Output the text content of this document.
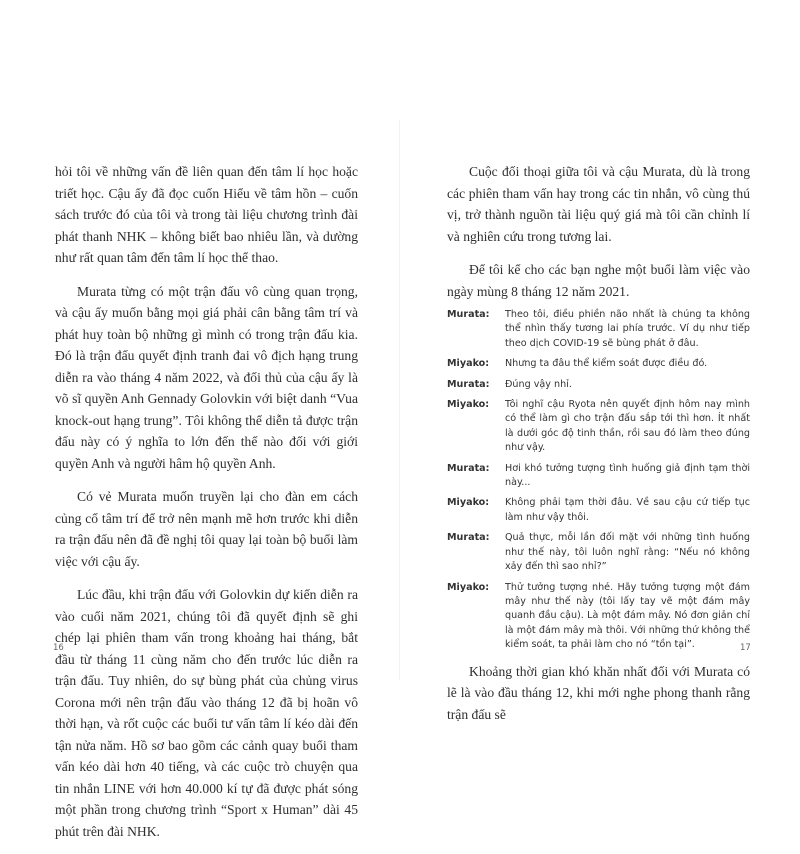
hỏi tôi về những vấn đề liên quan đến tâm lí học hoặc triết học. Cậu ấy đã đọc cuốn Hiểu về tâm hồn – cuốn sách trước đó của tôi và trong tài liệu chương trình đài phát thanh NHK – không biết bao nhiêu lần, và dường như rất quan tâm đến tâm lí học thể thao.

Murata từng có một trận đấu vô cùng quan trọng, và cậu ấy muốn bằng mọi giá phải cân bằng tâm trí và phát huy toàn bộ những gì mình có trong trận đấu kia. Đó là trận đấu quyết định tranh đai vô địch hạng trung diễn ra vào tháng 4 năm 2022, và đối thủ của cậu ấy là võ sĩ quyền Anh Gennady Golovkin với biệt danh “Vua knock-out hạng trung”. Tôi không thể diễn tả được trận đấu này có ý nghĩa to lớn đến thế nào đối với giới quyền Anh và người hâm hộ quyền Anh.

Có vẻ Murata muốn truyền lại cho đàn em cách củng cố tâm trí để trở nên mạnh mẽ hơn trước khi diễn ra trận đấu nên đã đề nghị tôi quay lại toàn bộ buổi làm việc với cậu ấy.

Lúc đầu, khi trận đấu với Golovkin dự kiến diễn ra vào cuối năm 2021, chúng tôi đã quyết định sẽ ghi chép lại phiên tham vấn trong khoảng hai tháng, bắt đầu từ tháng 11 cùng năm cho đến trước lúc diễn ra trận đấu. Tuy nhiên, do sự bùng phát của chủng virus Corona mới nên trận đấu vào tháng 12 đã bị hoãn vô thời hạn, và rốt cuộc các buổi tư vấn tâm lí kéo dài đến tận nửa năm. Hồ sơ bao gồm các cảnh quay buổi tham vấn kéo dài hơn 40 tiếng, và các cuộc trò chuyện qua tin nhắn LINE với hơn 40.000 kí tự đã được phát sóng một phần trong chương trình “Sport x Human” dài 45 phút trên đài NHK.

16

Cuộc đối thoại giữa tôi và cậu Murata, dù là trong các phiên tham vấn hay trong các tin nhắn, vô cùng thú vị, trở thành nguồn tài liệu quý giá mà tôi cần chỉnh lí và nghiên cứu trong tương lai.

Để tôi kể cho các bạn nghe một buổi làm việc vào ngày mùng 8 tháng 12 năm 2021.

Murata:	Theo tôi, điều phiền não nhất là chúng ta không thể nhìn thấy tương lai phía trước. Ví dụ như tiếp theo dịch COVID-19 sẽ bùng phát ở đâu.
Miyako:	Nhưng ta đâu thể kiểm soát được điều đó.
Murata:	Đúng vậy nhỉ.
Miyako:	Tôi nghĩ cậu Ryota nên quyết định hôm nay mình có thể làm gì cho trận đấu sắp tới thì hơn. Ít nhất là dưới góc độ tinh thần, rồi sau đó làm theo đúng như vậy.
Murata:	Hơi khó tưởng tượng tình huống giả định tạm thời này...
Miyako:	Không phải tạm thời đâu. Về sau cậu cứ tiếp tục làm như vậy thôi.
Murata:	Quả thực, mỗi lần đối mặt với những tình huống như thế này, tôi luôn nghĩ rằng: “Nếu nó không xảy đến thì sao nhỉ?”
Miyako:	Thử tưởng tượng nhé. Hãy tưởng tượng một đám mây như thế này (tôi lấy tay vẽ một đám mây quanh đầu cậu). Là một đám mây. Nó đơn giản chỉ là một đám mây mà thôi. Với những thứ không thể kiểm soát, ta phải làm cho nó “tồn tại”.

Khoảng thời gian khó khăn nhất đối với Murata có lẽ là vào đầu tháng 12, khi mới nghe phong thanh rằng trận đấu sẽ

17
